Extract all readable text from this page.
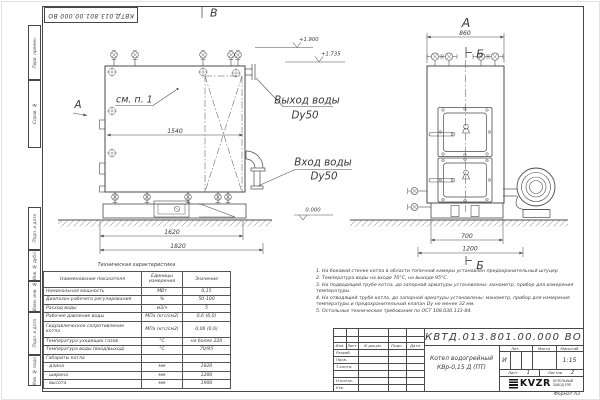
КВТД.013.801.00.000 ВО
Перв. примен.
Справ. №
Подп. и дата
Инв. № дубл.
Взам. инв. №
Подп. и дата
Инв. № подл.
В
А	см. п. 1
1540
1620
1820
+1.900
+1.735
0.000
Выход воды
Dy50
Вход воды
Dy50
А
860
Б
700
1200
Б
Техническая характеристика
Наименование показателя	Единицы измерения	Значение
Номинальная мощность	МВт	0,15
Диапазон рабочего регулирования	%	50-100
Расход воды	м3/ч	5
Рабочее давление воды	МПа (кгс/см2)	0,6 (6,0)
Гидравлическое сопротивление котла	МПа (кгс/см2)	0,06 (0,6)
Температура уходящих газов	°С	не более 220
Температура воды (вход/выход)	°С	70/95
Габариты котла		
- длина	мм	1820
- ширина	мм	1200
- высота	мм	1900
1. На боковой стенке котла в области топочной камеры установлен предохранительный штуцер
2. Температура воды на входе 70°С, на выходе 95°С.
3. На подводящей трубе котла, до запорной арматуры установлены: манометр, прибор для измерения температуры.
4. На отводящей трубе котла, до запорной арматуры установлены: манометр, прибор для измерения температуры и предохранительный клапан Dу не менее 32 мм.
5. Остальные технические требования по ОСТ 108.030.133-84.
Изм. Лист	N докум.	Подп.	Дата
Разраб.
Пров.
Т.контр.
Н.контр.
Утв.
КВТД.013.801.00.000 ВО
Котел водогрейный
КВр-0,15 Д (ПТ)
Лит.	Масса	Масштаб
И	1:15
Лист 1	Листов 2
KVZR КОТЕЛЬНЫЙ
ЗАВОД РЭП
Формат А3
